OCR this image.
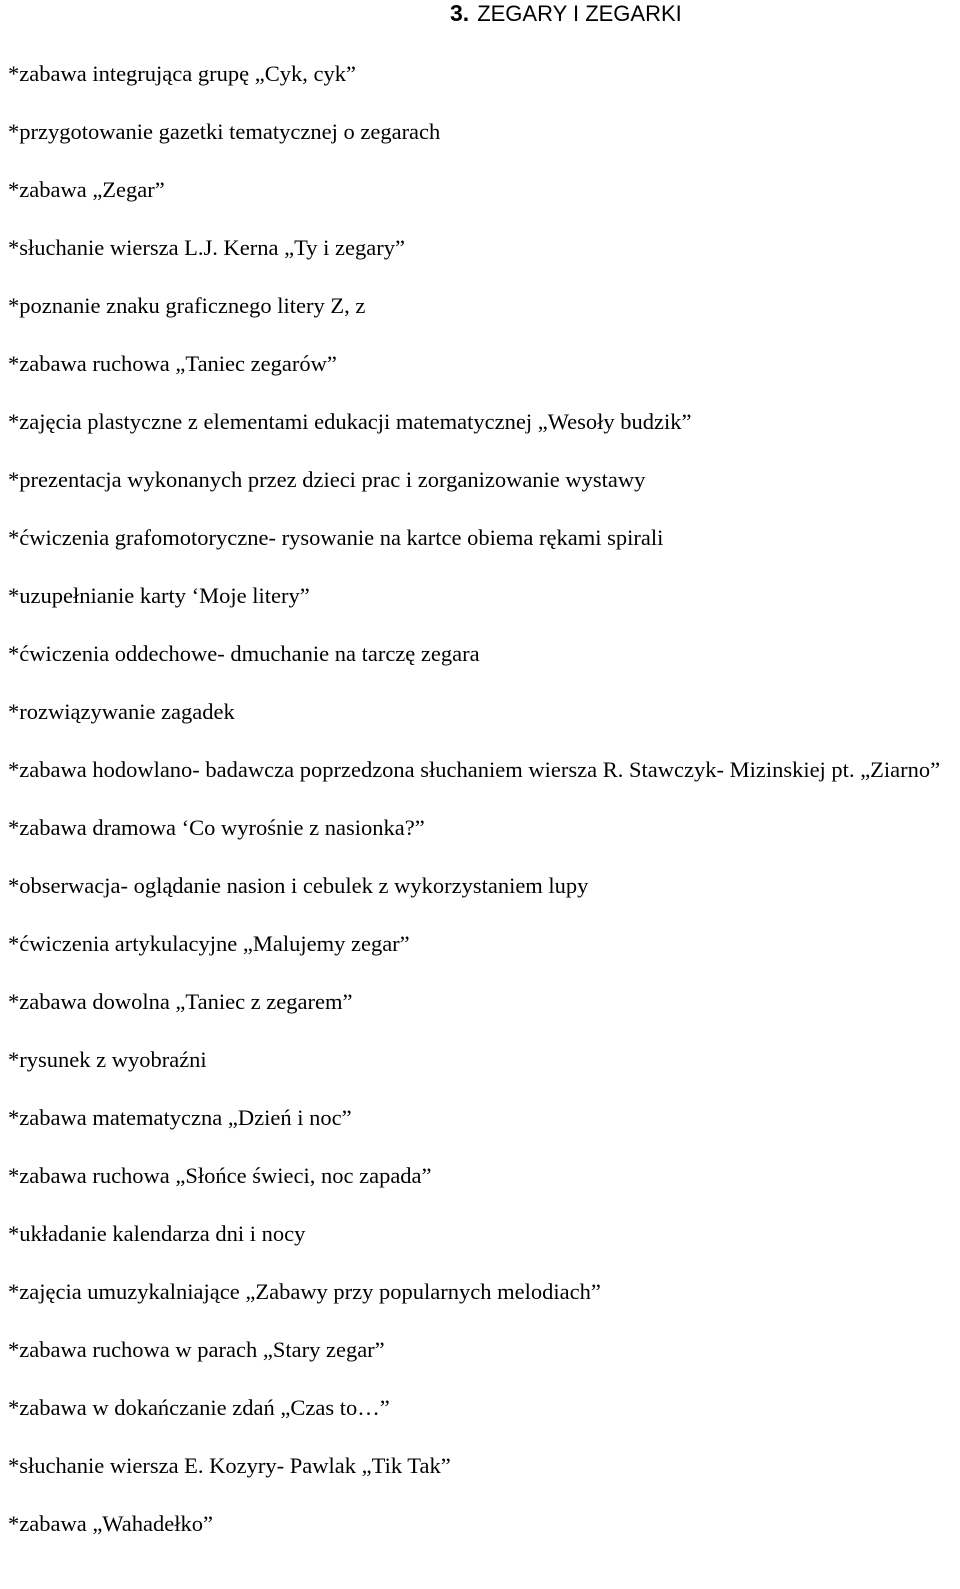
3. ZEGARY I ZEGARKI
*zabawa integrująca grupę „Cyk, cyk”
*przygotowanie gazetki tematycznej o zegarach
*zabawa „Zegar”
*słuchanie wiersza L.J. Kerna „Ty i zegary”
*poznanie znaku graficznego litery Z, z
*zabawa ruchowa „Taniec zegarów”
*zajęcia plastyczne z elementami edukacji matematycznej „Wesoły budzik”
*prezentacja wykonanych przez dzieci prac i zorganizowanie wystawy
*ćwiczenia grafomotoryczne- rysowanie na kartce obiema rękami spirali
*uzupełnianie karty ‘Moje litery”
*ćwiczenia oddechowe- dmuchanie na tarczę zegara
*rozwiązywanie zagadek
*zabawa hodowlano- badawcza poprzedzona słuchaniem wiersza R. Stawczyk- Mizinskiej pt. „Ziarno”
*zabawa dramowa ‘Co wyrośnie z nasionka?”
*obserwacja- oglądanie nasion i cebulek z wykorzystaniem lupy
*ćwiczenia artykulacyjne „Malujemy zegar”
*zabawa dowolna „Taniec z zegarem”
*rysunek z wyobraźni
*zabawa matematyczna „Dzień i noc”
*zabawa ruchowa „Słońce świeci, noc zapada”
*układanie kalendarza dni i nocy
*zajęcia umuzykalniające „Zabawy przy popularnych melodiach”
*zabawa ruchowa w parach „Stary zegar”
*zabawa w dokańczanie zdań „Czas to…”
*słuchanie wiersza E. Kozyry- Pawlak „Tik Tak”
*zabawa „Wahadełko”
